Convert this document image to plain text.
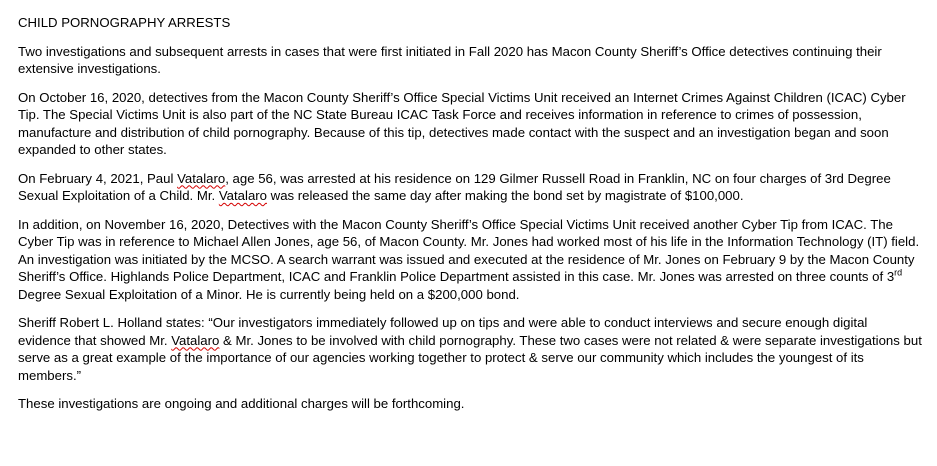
CHILD PORNOGRAPHY ARRESTS
Two investigations and subsequent arrests in cases that were first initiated in Fall 2020 has Macon County Sheriff’s Office detectives continuing their extensive investigations.
On October 16, 2020, detectives from the Macon County Sheriff’s Office Special Victims Unit received an Internet Crimes Against Children (ICAC) Cyber Tip. The Special Victims Unit is also part of the NC State Bureau ICAC Task Force and receives information in reference to crimes of possession, manufacture and distribution of child pornography. Because of this tip, detectives made contact with the suspect and an investigation began and soon expanded to other states.
On February 4, 2021, Paul Vatalaro, age 56, was arrested at his residence on 129 Gilmer Russell Road in Franklin, NC on four charges of 3rd Degree Sexual Exploitation of a Child. Mr. Vatalaro was released the same day after making the bond set by magistrate of $100,000.
In addition, on November 16, 2020, Detectives with the Macon County Sheriff’s Office Special Victims Unit received another Cyber Tip from ICAC. The Cyber Tip was in reference to Michael Allen Jones, age 56, of Macon County. Mr. Jones had worked most of his life in the Information Technology (IT) field. An investigation was initiated by the MCSO. A search warrant was issued and executed at the residence of Mr. Jones on February 9 by the Macon County Sheriff’s Office. Highlands Police Department, ICAC and Franklin Police Department assisted in this case. Mr. Jones was arrested on three counts of 3rd Degree Sexual Exploitation of a Minor. He is currently being held on a $200,000 bond.
Sheriff Robert L. Holland states: “Our investigators immediately followed up on tips and were able to conduct interviews and secure enough digital evidence that showed Mr. Vatalaro & Mr. Jones to be involved with child pornography. These two cases were not related & were separate investigations but serve as a great example of the importance of our agencies working together to protect & serve our community which includes the youngest of its members.”
These investigations are ongoing and additional charges will be forthcoming.
